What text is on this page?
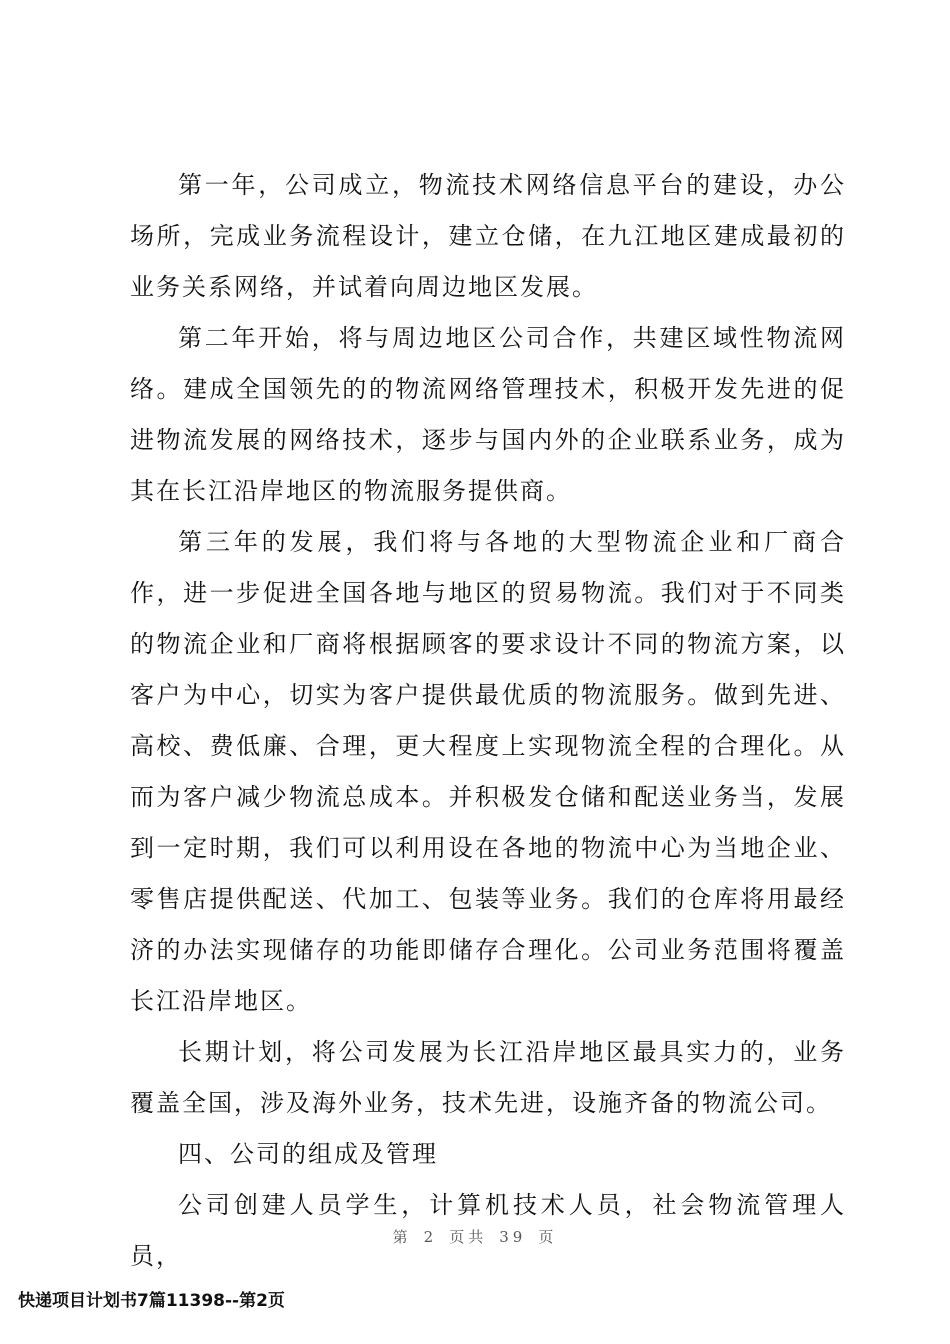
第一年，公司成立，物流技术网络信息平台的建设，办公场所，完成业务流程设计，建立仓储，在九江地区建成最初的业务关系网络，并试着向周边地区发展。

第二年开始，将与周边地区公司合作，共建区域性物流网络。建成全国领先的的物流网络管理技术，积极开发先进的促进物流发展的网络技术，逐步与国内外的企业联系业务，成为其在长江沿岸地区的物流服务提供商。

第三年的发展，我们将与各地的大型物流企业和厂商合作，进一步促进全国各地与地区的贸易物流。我们对于不同类的物流企业和厂商将根据顾客的要求设计不同的物流方案，以客户为中心，切实为客户提供最优质的物流服务。做到先进、高校、费低廉、合理，更大程度上实现物流全程的合理化。从而为客户减少物流总成本。并积极发仓储和配送业务当，发展到一定时期，我们可以利用设在各地的物流中心为当地企业、零售店提供配送、代加工、包装等业务。我们的仓库将用最经济的办法实现储存的功能即储存合理化。公司业务范围将覆盖长江沿岸地区。

长期计划，将公司发展为长江沿岸地区最具实力的，业务覆盖全国，涉及海外业务，技术先进，设施齐备的物流公司。

四、公司的组成及管理

公司创建人员学生，计算机技术人员，社会物流管理人员，

第 2 页共 39 页
快递项目计划书7篇11398--第2页
